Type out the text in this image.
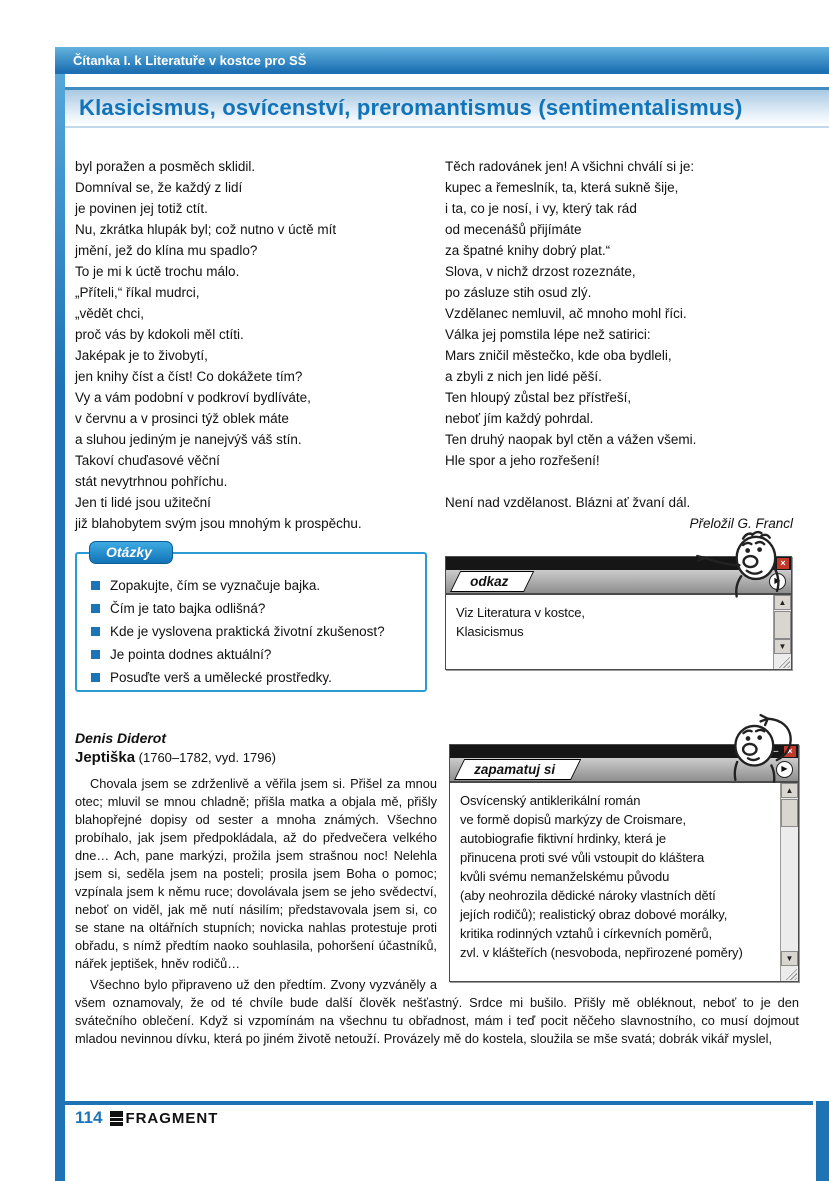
Čítanka I. k Literatuře v kostce pro SŠ
Klasicismus, osvícenství, preromantismus (sentimentalismus)
byl poražen a posměch sklidil.
Domníval se, že každý z lidí
je povinen jej totiž ctít.
Nu, zkrátka hlupák byl; což nutno v úctě mít
jmění, jež do klína mu spadlo?
To je mi k úctě trochu málo.
„Příteli,“ říkal mudrci,
„vědět chci,
proč vás by kdokoli měl ctíti.
Jaképak je to živobytí,
jen knihy číst a číst! Co dokážete tím?
Vy a vám podobní v podkroví bydlíváte,
v červnu a v prosinci týž oblek máte
a sluhou jediným je nanejvýš váš stín.
Takoví chuďasové věční
stát nevytrhnou pohříchu.
Jen ti lidé jsou užiteční
již blahobytem svým jsou mnohým k prospěchu.
Těch radovánek jen! A všichni chválí si je:
kupec a řemeslník, ta, která sukně šije,
i ta, co je nosí, i vy, který tak rád
od mecenášů přijímáte
za špatné knihy dobrý plat.“
Slova, v nichž drzost rozeznáte,
po zásluze stih osud zlý.
Vzdělanec nemluvil, ač mnoho mohl říci.
Válka jej pomstila lépe než satirici:
Mars zničil městečko, kde oba bydleli,
a zbyli z nich jen lidé pěší.
Ten hloupý zůstal bez přístřeší,
neboť jím každý pohrdal.
Ten druhý naopak byl ctěn a vážen všemi.
Hle spor a jeho rozřešení!
Není nad vzdělanost. Blázni ať žvaní dál.
Přeložil G. Francl
Otázky
Zopakujte, čím se vyznačuje bajka.
Čím je tato bajka odlišná?
Kde je vyslovena praktická životní zkušenost?
Je pointa dodnes aktuální?
Posuďte verš a umělecké prostředky.
×
odkaz	▶
Viz Literatura v kostce,
Klasicismus
▲
▼
–	×
zapamatuj si	▶
Osvícenský antiklerikální román
ve formě dopisů markýzy de Croismare,
autobiografie fiktivní hrdinky, která je
přinucena proti své vůli vstoupit do kláštera
kvůli svému nemanželskému původu
(aby neohrozila dědické nároky vlastních dětí
jejích rodičů); realistický obraz dobové morálky,
kritika rodinných vztahů i církevních poměrů,
zvl. v klášteřích (nesvoboda, nepřirozené poměry)
▲
▼
Denis Diderot
Jeptiška (1760–1782, vyd. 1796)

Chovala jsem se zdrženlivě a věřila jsem si. Přišel za mnou otec; mluvil se mnou chladně; přišla matka a objala mě, přišly blahopřejné dopisy od sester a mnoha známých. Všechno probíhalo, jak jsem předpokládala, až do předvečera velkého dne… Ach, pane markýzi, prožila jsem strašnou noc! Nelehla jsem si, seděla jsem na posteli; prosila jsem Boha o pomoc; vzpínala jsem k němu ruce; dovolávala jsem se jeho svědectví, neboť on viděl, jak mě nutí násilím; představovala jsem si, co se stane na oltářních stupních; novicka nahlas protestuje proti obřadu, s nímž předtím naoko souhlasila, pohoršení účastníků, nářek jeptišek, hněv rodičů…

Všechno bylo připraveno už den předtím. Zvony vyzváněly a všem oznamovaly, že od té chvíle bude další člověk nešťastný. Srdce mi bušilo. Přišly mě obléknout, neboť to je den svátečního oblečení. Když si vzpomínám na všechnu tu obřadnost, mám i teď pocit něčeho slavnostního, co musí dojmout mladou nevinnou dívku, která po jiném životě netouží. Provázely mě do kostela, sloužila se mše svatá; dobrák vikář myslel,

114 FRAGMENT
